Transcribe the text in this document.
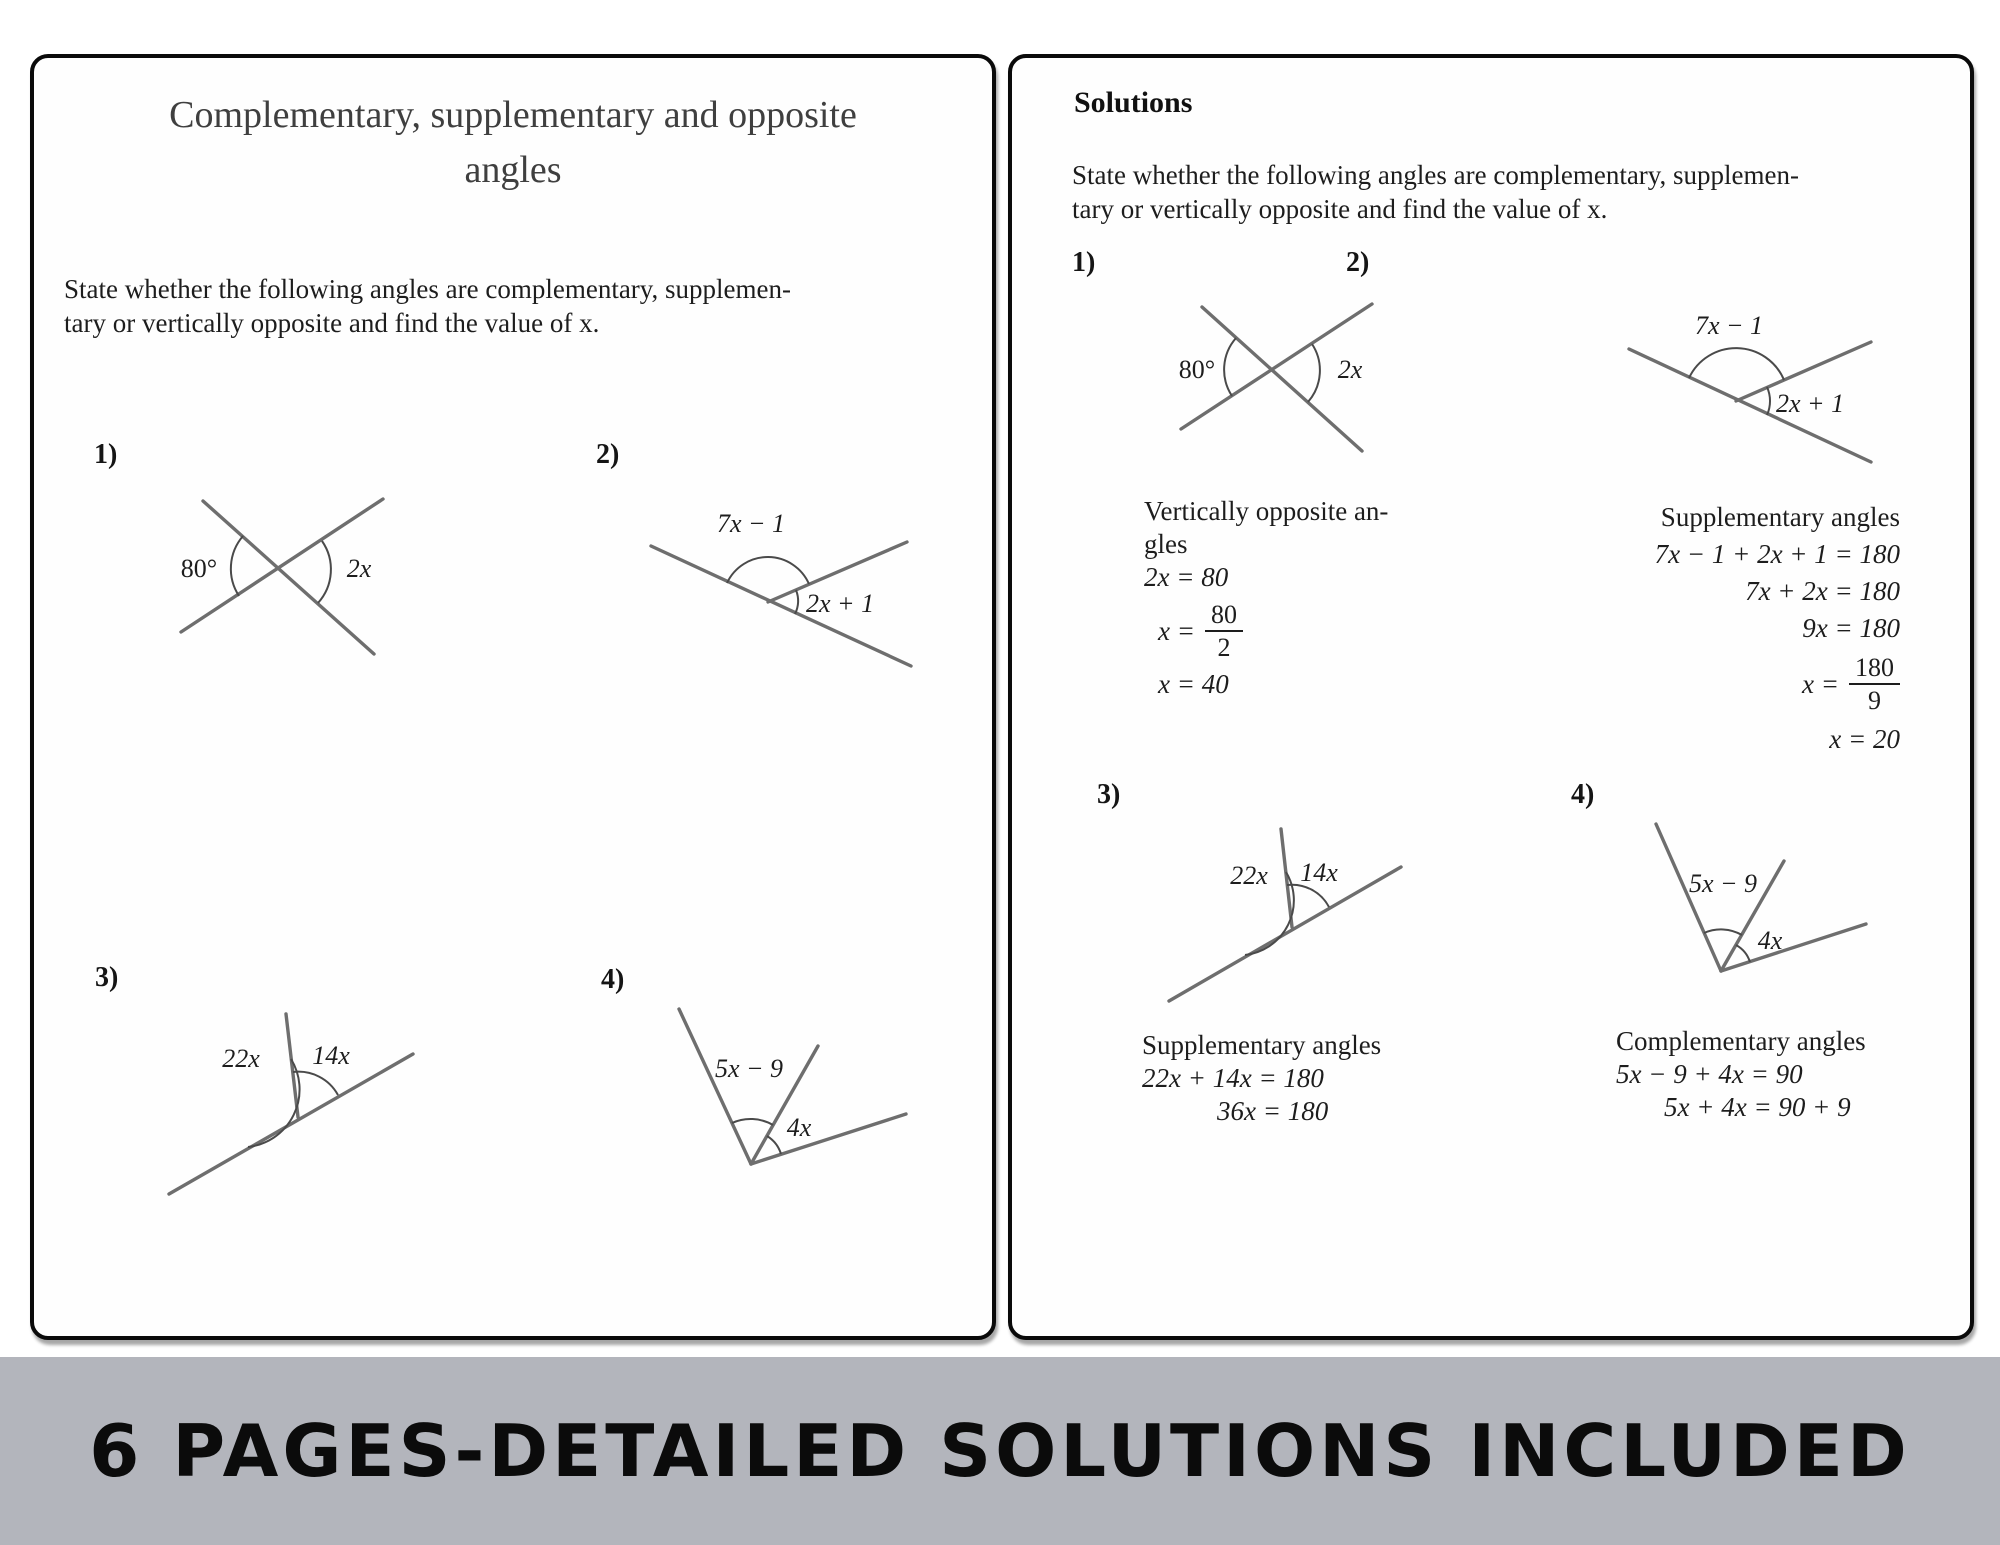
Complementary, supplementary and opposite
angles
State whether the following angles are complementary, supplemen-
tary or vertically opposite and find the value of x.
1)	2)
3)	4)
80°	2x
7x − 1
2x + 1
22x 14x	5x − 9
4x
Solutions
State whether the following angles are complementary, supplemen-
tary or vertically opposite and find the value of x.
1)	2)
3)	4)
80°	2x
7x − 1
2x + 1
22x 14x	5x − 9
4x
Vertically opposite an-
gles
2x = 80
$x = \frac{80}{2}$
x = 40
Supplementary angles
7x − 1 + 2x + 1 = 180
7x + 2x = 180
9x = 180
$x = \frac{180}{9}$
x = 20
Supplementary angles
22x + 14x = 180
36x = 180
Complementary angles
5x − 9 + 4x = 90
5x + 4x = 90 + 9
6 PAGES-DETAILED SOLUTIONS INCLUDED
